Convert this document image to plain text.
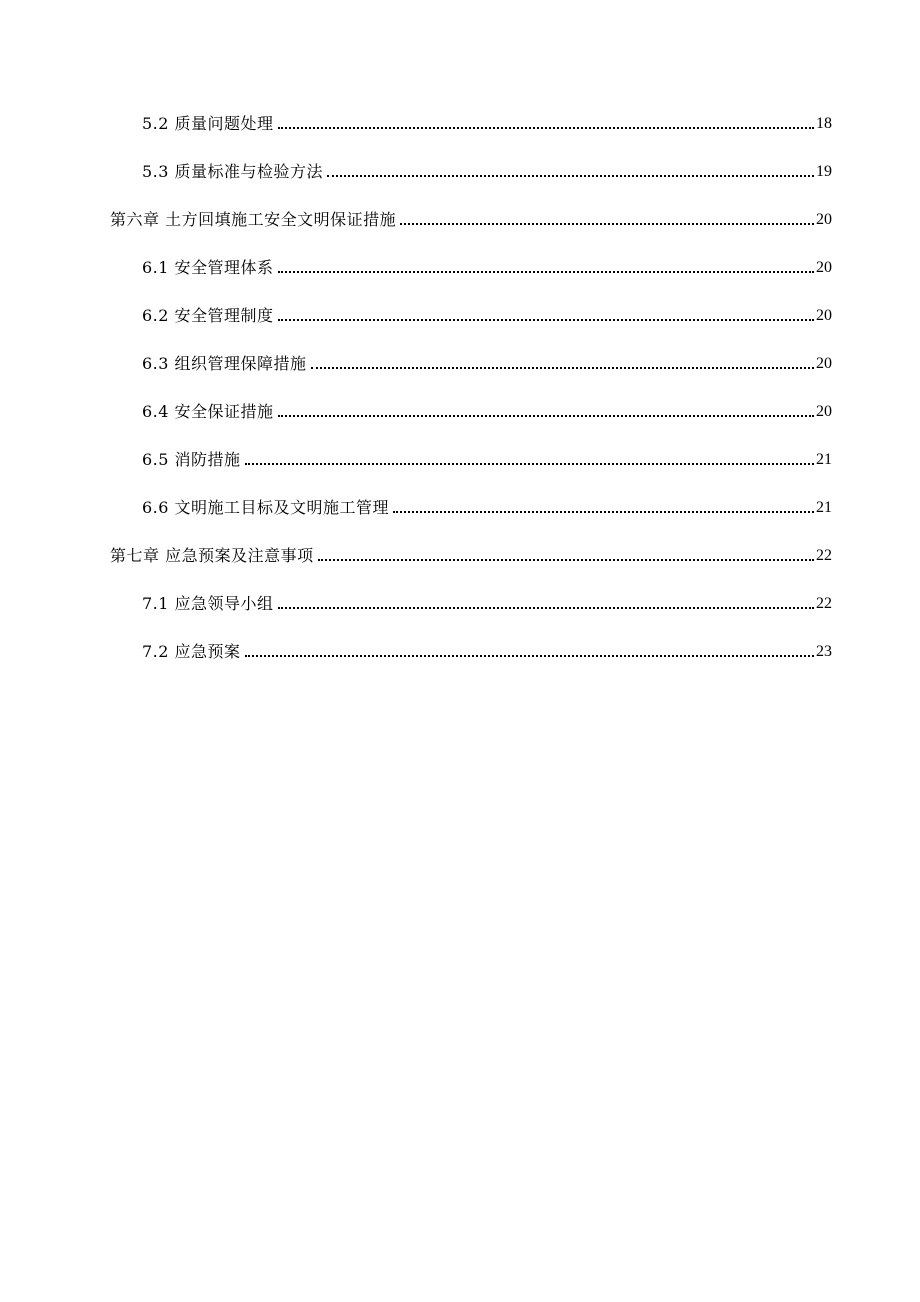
5.2 质量问题处理	18
5.3 质量标准与检验方法	19
第六章 土方回填施工安全文明保证措施	20
6.1 安全管理体系	20
6.2 安全管理制度	20
6.3 组织管理保障措施	20
6.4 安全保证措施	20
6.5 消防措施	21
6.6 文明施工目标及文明施工管理	21
第七章 应急预案及注意事项	22
7.1 应急领导小组	22
7.2 应急预案	23
